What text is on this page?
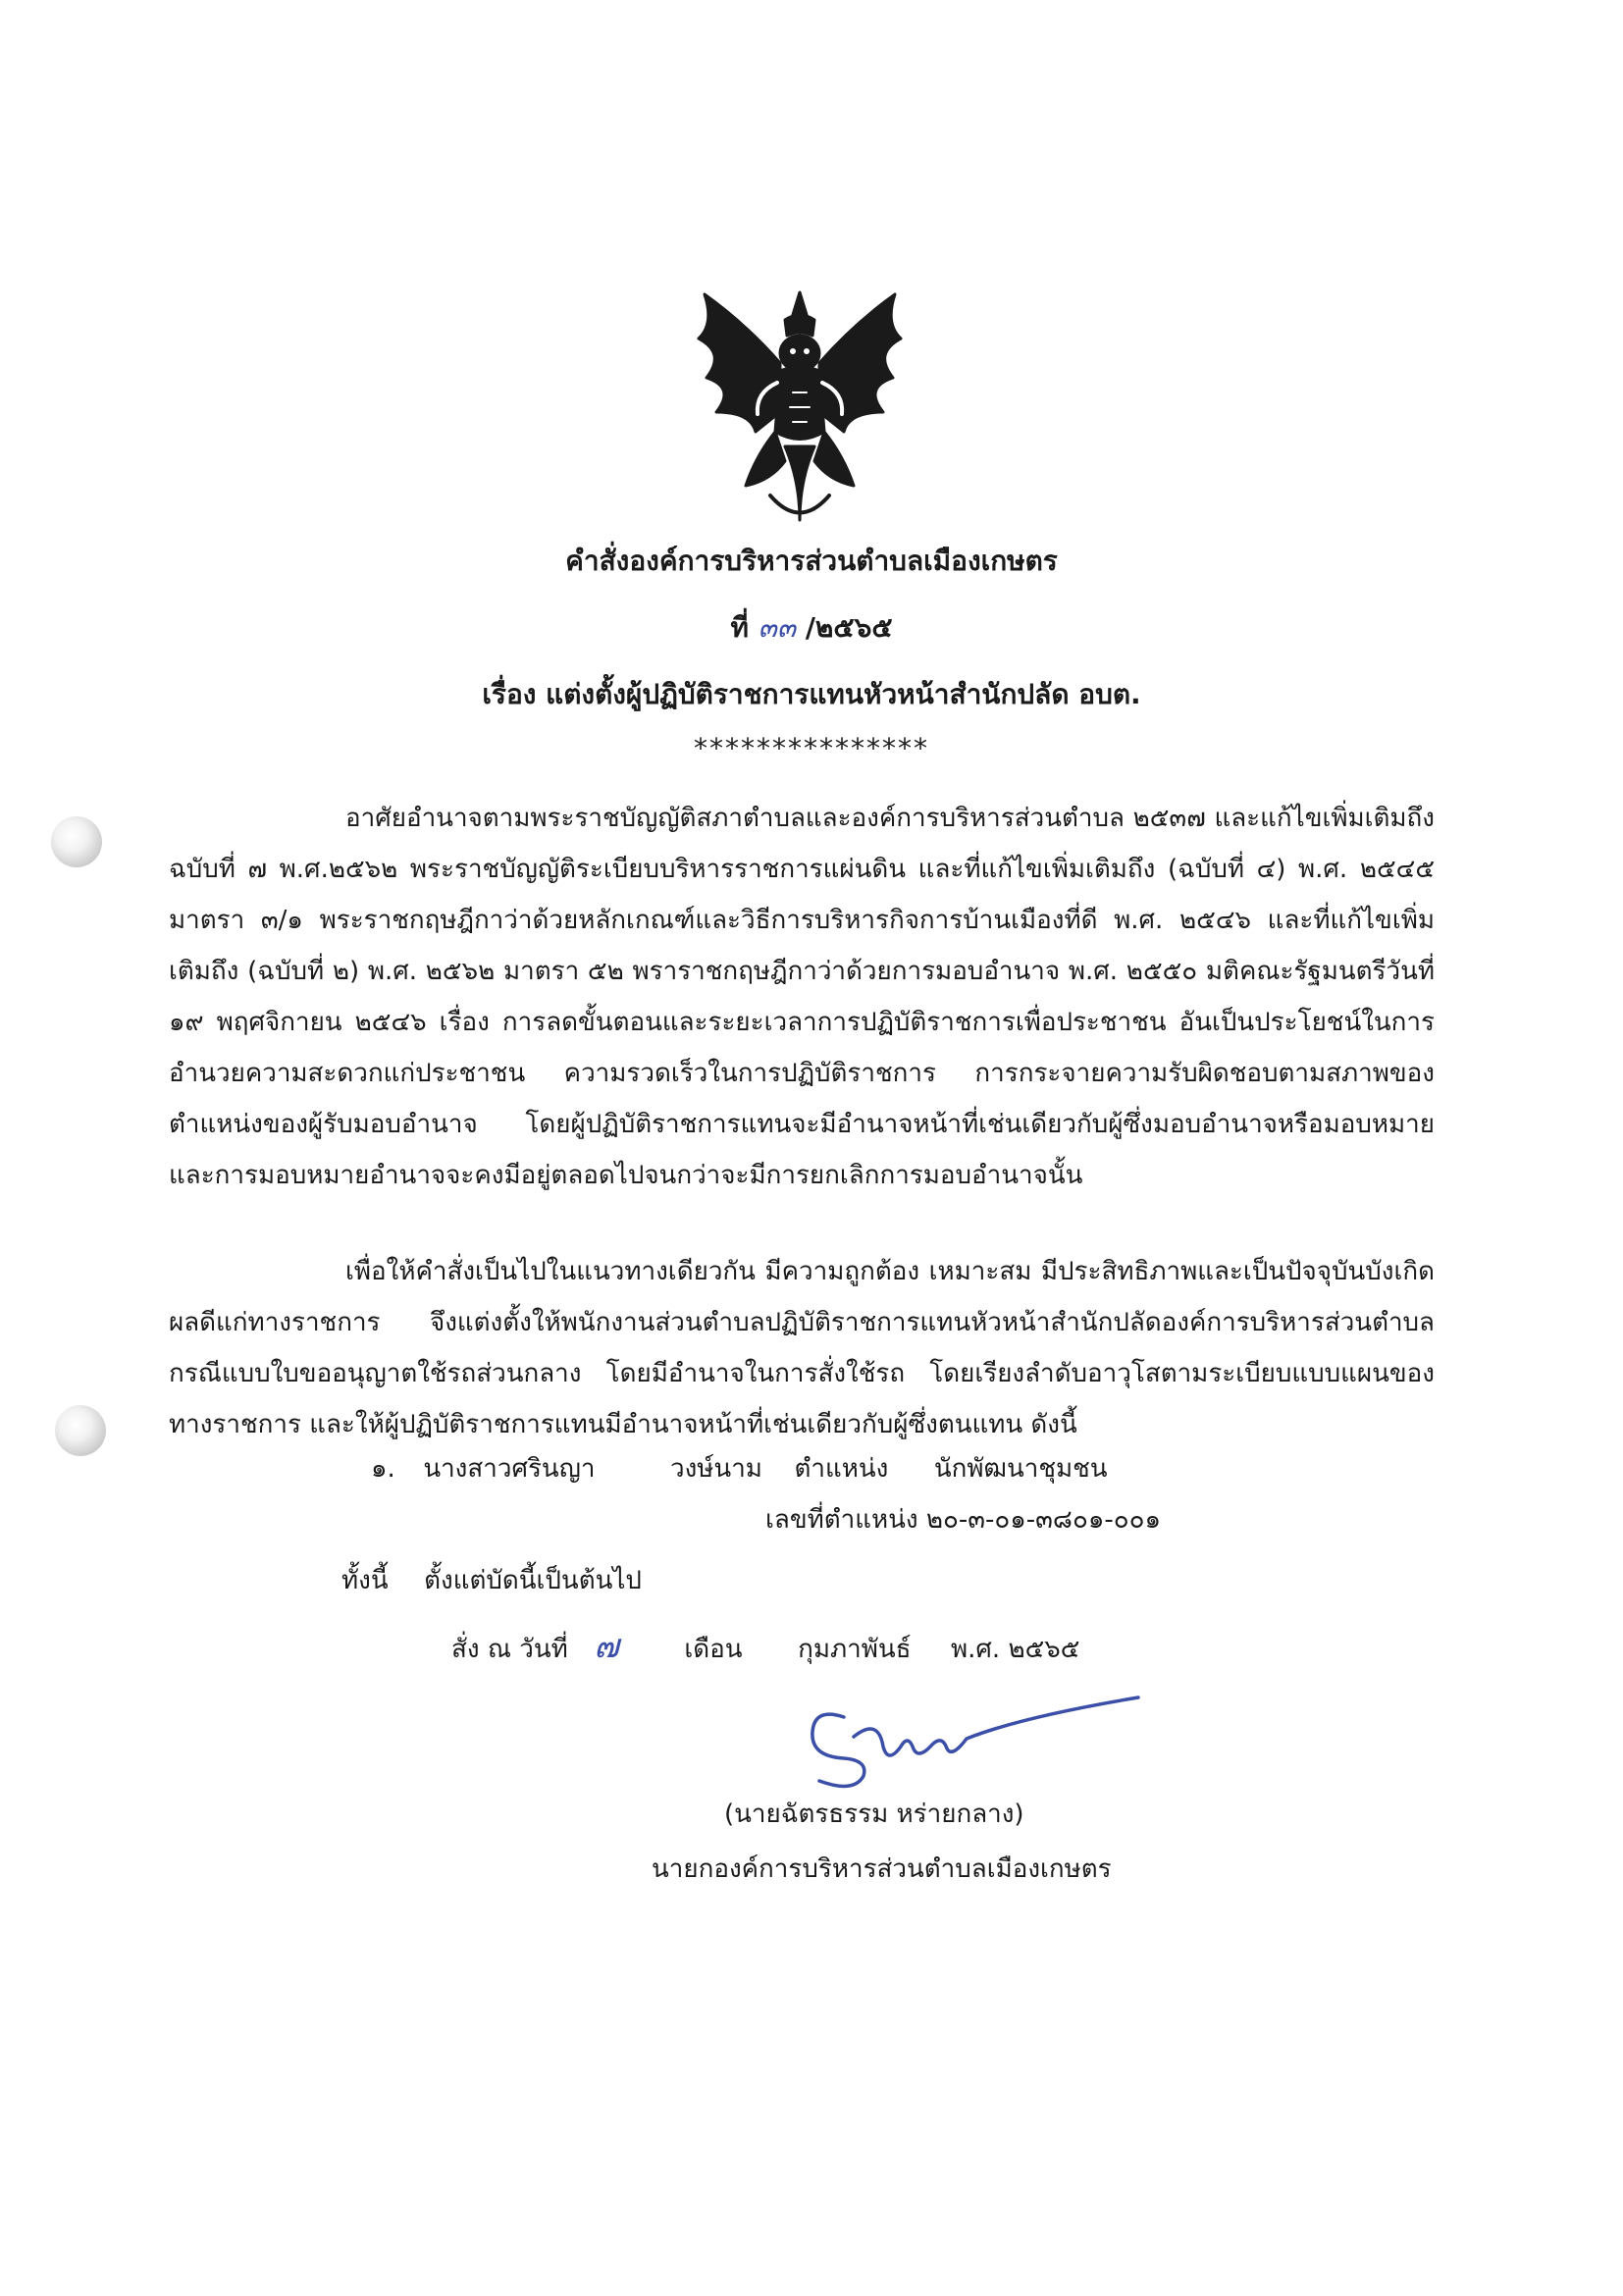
คำสั่งองค์การบริหารส่วนตำบลเมืองเกษตร
ที่ ๓๓ /๒๕๖๕
เรื่อง แต่งตั้งผู้ปฏิบัติราชการแทนหัวหน้าสำนักปลัด อบต.
***************

อาศัยอำนาจตามพระราชบัญญัติสภาตำบลและองค์การบริหารส่วนตำบล ๒๕๓๗ และแก้ไขเพิ่มเติมถึงฉบับที่ ๗ พ.ศ.๒๕๖๒ พระราชบัญญัติระเบียบบริหารราชการแผ่นดิน และที่แก้ไขเพิ่มเติมถึง (ฉบับที่ ๔) พ.ศ. ๒๕๔๕ มาตรา ๓/๑ พระราชกฤษฎีกาว่าด้วยหลักเกณฑ์และวิธีการบริหารกิจการบ้านเมืองที่ดี พ.ศ. ๒๕๔๖ และที่แก้ไขเพิ่มเติมถึง (ฉบับที่ ๒) พ.ศ. ๒๕๖๒ มาตรา ๕๒ พราราชกฤษฎีกาว่าด้วยการมอบอำนาจ พ.ศ. ๒๕๕๐ มติคณะรัฐมนตรีวันที่ ๑๙ พฤศจิกายน ๒๕๔๖ เรื่อง การลดขั้นตอนและระยะเวลาการปฏิบัติราชการเพื่อประชาชน อันเป็นประโยชน์ในการอำนวยความสะดวกแก่ประชาชน ความรวดเร็วในการปฏิบัติราชการ การกระจายความรับผิดชอบตามสภาพของตำแหน่งของผู้รับมอบอำนาจ โดยผู้ปฏิบัติราชการแทนจะมีอำนาจหน้าที่เช่นเดียวกับผู้ซึ่งมอบอำนาจหรือมอบหมาย และการมอบหมายอำนาจจะคงมีอยู่ตลอดไปจนกว่าจะมีการยกเลิกการมอบอำนาจนั้น

เพื่อให้คำสั่งเป็นไปในแนวทางเดียวกัน มีความถูกต้อง เหมาะสม มีประสิทธิภาพและเป็นปัจจุบันบังเกิดผลดีแก่ทางราชการ จึงแต่งตั้งให้พนักงานส่วนตำบลปฏิบัติราชการแทนหัวหน้าสำนักปลัดองค์การบริหารส่วนตำบล กรณีแบบใบขออนุญาตใช้รถส่วนกลาง โดยมีอำนาจในการสั่งใช้รถ โดยเรียงลำดับอาวุโสตามระเบียบแบบแผนของทางราชการ และให้ผู้ปฏิบัติราชการแทนมีอำนาจหน้าที่เช่นเดียวกับผู้ซึ่งตนแทน ดังนี้

๑. นางสาวศรินญา	วงษ์นาม ตำแหน่ง นักพัฒนาชุมชน
เลขที่ตำแหน่ง ๒๐-๓-๐๑-๓๘๐๑-๐๐๑
ทั้งนี้ ตั้งแต่บัดนี้เป็นต้นไป
สั่ง ณ วันที่ ๗	เดือน กุมภาพันธ์ พ.ศ. ๒๕๖๕
(นายฉัตรธรรม หร่ายกลาง)
นายกองค์การบริหารส่วนตำบลเมืองเกษตร
